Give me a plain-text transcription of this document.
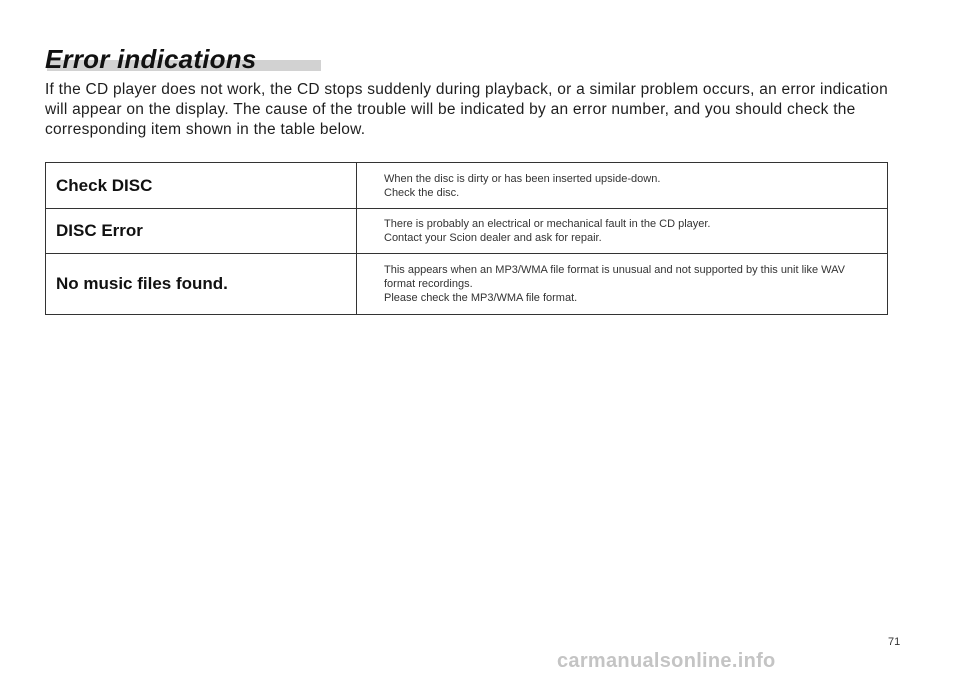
Error indications

If the CD player does not work, the CD stops suddenly during playback, or a similar problem occurs, an error indication will appear on the display. The cause of the trouble will be indicated by an error number, and you should check the corresponding item shown in the table below.

Check DISC	When the disc is dirty or has been inserted upside-down.
Check the disc.

DISC Error	There is probably an electrical or mechanical fault in the CD player.
Contact your Scion dealer and ask for repair.

No music files found.	This appears when an MP3/WMA file format is unusual and not supported by this unit like WAV format recordings.
Please check the MP3/WMA file format.
71
carmanualsonline.info
